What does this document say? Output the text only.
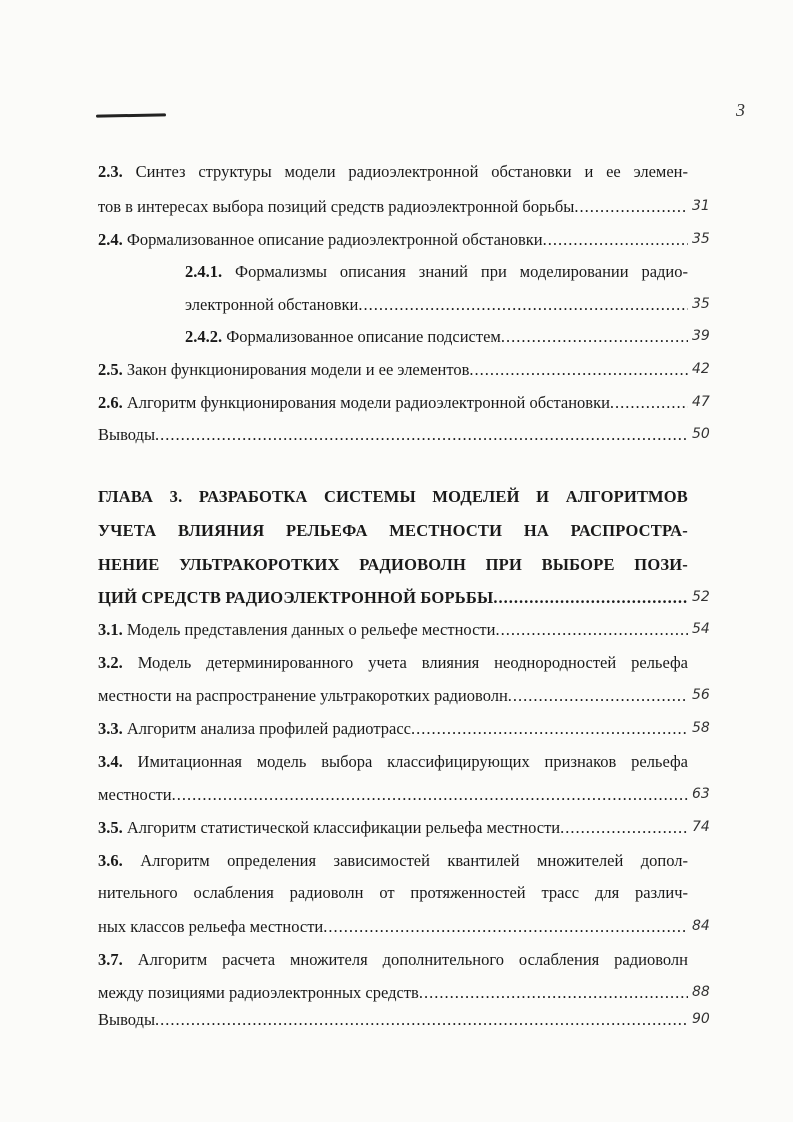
3
2.3. Синтез структуры модели радиоэлектронной обстановки и ее элемен-
31
тов в интересах выбора позиций средств радиоэлектронной борьбы
.....
35
2.4. Формализованное описание радиоэлектронной обстановки
.....
2.4.1. Формализмы описания знаний при моделировании радио-
35
электронной обстановки
.....
39
2.4.2. Формализованное описание подсистем
.....
42
2.5. Закон функционирования модели и ее элементов
.....
47
2.6. Алгоритм функционирования модели радиоэлектронной обстановки
.....
50
Выводы
.....
ГЛАВА 3. РАЗРАБОТКА СИСТЕМЫ МОДЕЛЕЙ И АЛГОРИТМОВ
УЧЕТА ВЛИЯНИЯ РЕЛЬЕФА МЕСТНОСТИ НА РАСПРОСТРА-
НЕНИЕ УЛЬТРАКОРОТКИХ РАДИОВОЛН ПРИ ВЫБОРЕ ПОЗИ-
52
ЦИЙ СРЕДСТВ РАДИОЭЛЕКТРОННОЙ БОРЬБЫ
.....
54
3.1. Модель представления данных о рельефе местности
.....
3.2. Модель детерминированного учета влияния неоднородностей рельефа
56
местности на распространение ультракоротких радиоволн
.....
58
3.3. Алгоритм анализа профилей радиотрасс
.....
3.4. Имитационная модель выбора классифицирующих признаков рельефа
63
местности
.....
74
3.5. Алгоритм статистической классификации рельефа местности
.....
3.6. Алгоритм определения зависимостей квантилей множителей допол-
нительного ослабления радиоволн от протяженностей трасс для различ-
84
ных классов рельефа местности
.....
3.7. Алгоритм расчета множителя дополнительного ослабления радиоволн
88
между позициями радиоэлектронных средств
.....
90
Выводы
.....
